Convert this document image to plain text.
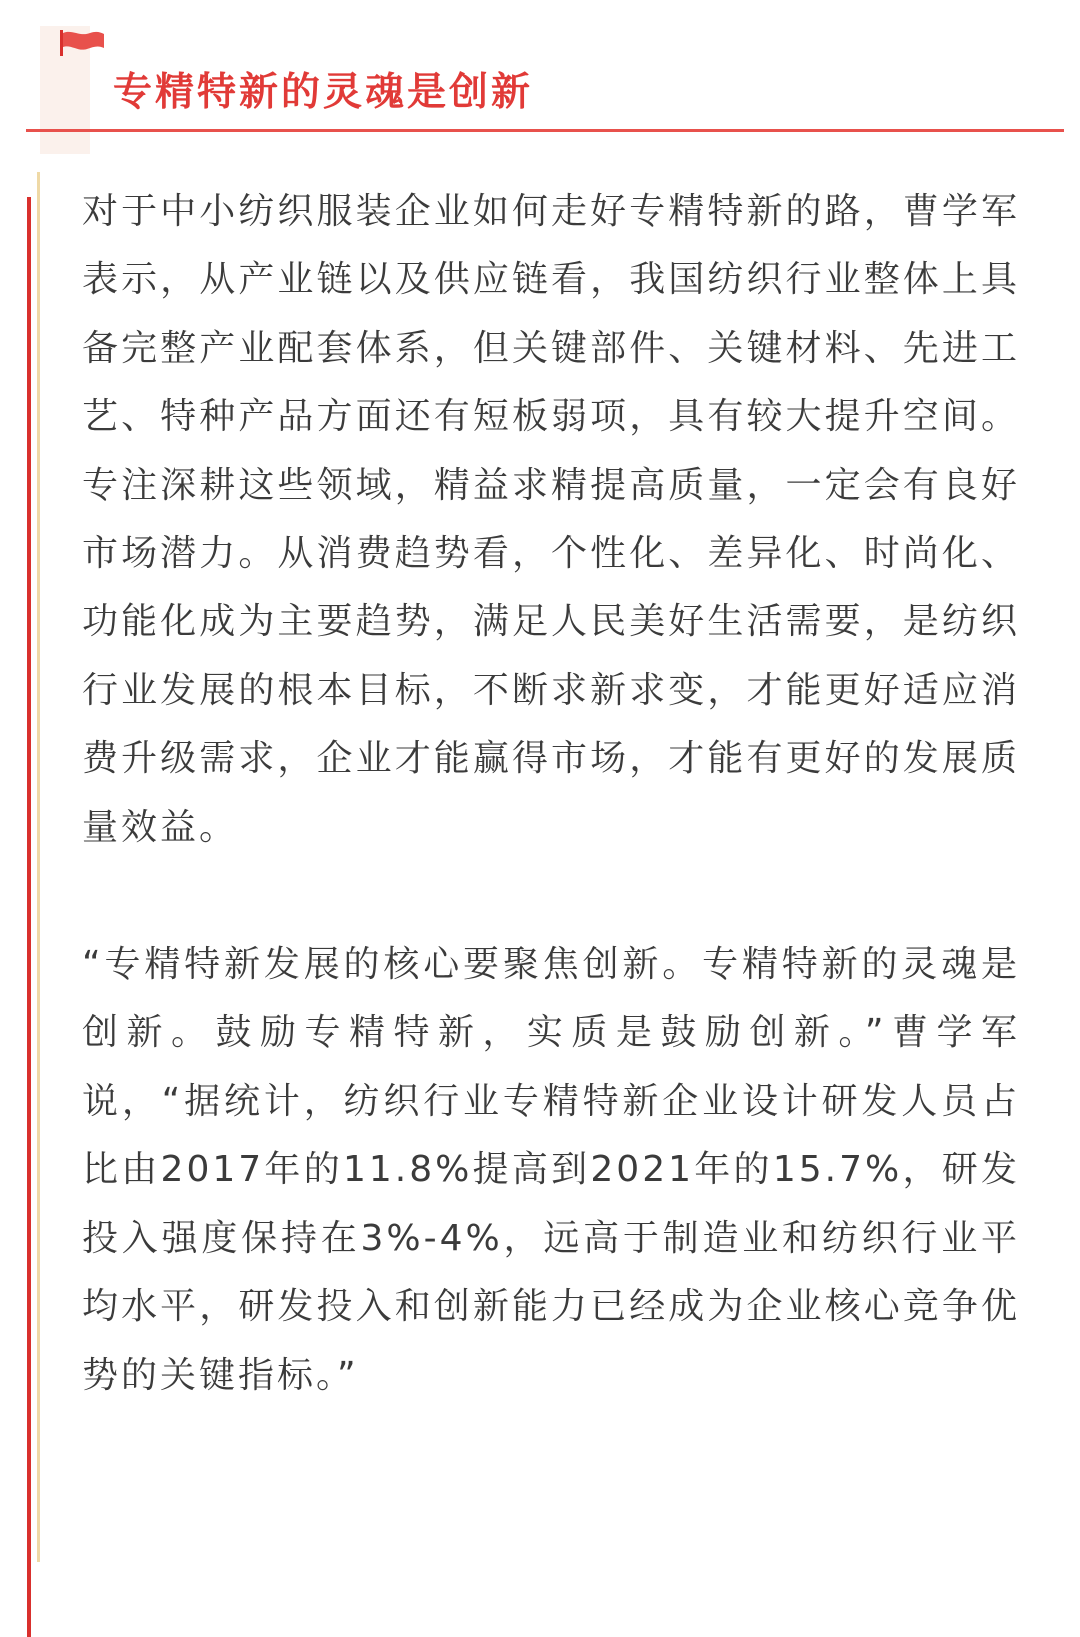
专精特新的灵魂是创新

对于中小纺织服装企业如何走好专精特新的路，曹学军表示，从产业链以及供应链看，我国纺织行业整体上具备完整产业配套体系，但关键部件、关键材料、先进工艺、特种产品方面还有短板弱项，具有较大提升空间。专注深耕这些领域，精益求精提高质量，一定会有良好市场潜力。从消费趋势看，个性化、差异化、时尚化、功能化成为主要趋势，满足人民美好生活需要，是纺织行业发展的根本目标，不断求新求变，才能更好适应消费升级需求，企业才能赢得市场，才能有更好的发展质量效益。

“专精特新发展的核心要聚焦创新。专精特新的灵魂是创新。鼓励专精特新，实质是鼓励创新。”曹学军说，“据统计，纺织行业专精特新企业设计研发人员占比由2017年的11.8%提高到2021年的15.7%，研发投入强度保持在3%-4%，远高于制造业和纺织行业平均水平，研发投入和创新能力已经成为企业核心竞争优势的关键指标。”
